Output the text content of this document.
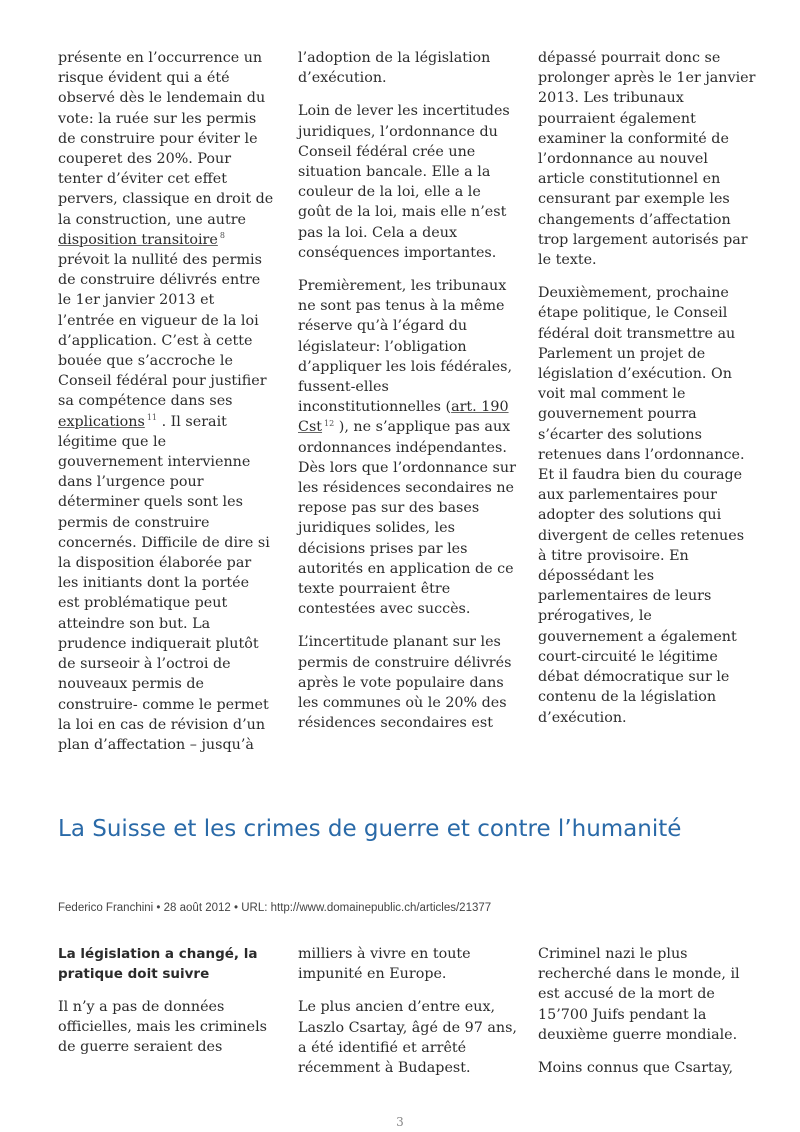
présente en l’occurrence un risque évident qui a été observé dès le lendemain du vote: la ruée sur les permis de construire pour éviter le couperet des 20%. Pour tenter d’éviter cet effet pervers, classique en droit de la construction, une autre disposition transitoire $^8$ prévoit la nullité des permis de construire délivrés entre le 1er janvier 2013 et l’entrée en vigueur de la loi d’application. C’est à cette bouée que s’accroche le Conseil fédéral pour justifier sa compétence dans ses explications $^{11}$ . Il serait légitime que le gouvernement intervienne dans l’urgence pour déterminer quels sont les permis de construire concernés. Difficile de dire si la disposition élaborée par les initiants dont la portée est problématique peut atteindre son but. La prudence indiquerait plutôt de surseoir à l’octroi de nouveaux permis de construire- comme le permet la loi en cas de révision d’un plan d’affectation – jusqu’à

l’adoption de la législation d’exécution.

Loin de lever les incertitudes juridiques, l’ordonnance du Conseil fédéral crée une situation bancale. Elle a la couleur de la loi, elle a le goût de la loi, mais elle n’est pas la loi. Cela a deux conséquences importantes.

Premièrement, les tribunaux ne sont pas tenus à la même réserve qu’à l’égard du législateur: l’obligation d’appliquer les lois fédérales, fussent-elles inconstitutionnelles (art. 190 Cst $^{12}$ ), ne s’applique pas aux ordonnances indépendantes. Dès lors que l’ordonnance sur les résidences secondaires ne repose pas sur des bases juridiques solides, les décisions prises par les autorités en application de ce texte pourraient être contestées avec succès.

L’incertitude planant sur les permis de construire délivrés après le vote populaire dans les communes où le 20% des résidences secondaires est

dépassé pourrait donc se prolonger après le 1er janvier 2013. Les tribunaux pourraient également examiner la conformité de l’ordonnance au nouvel article constitutionnel en censurant par exemple les changements d’affectation trop largement autorisés par le texte.

Deuxièmement, prochaine étape politique, le Conseil fédéral doit transmettre au Parlement un projet de législation d’exécution. On voit mal comment le gouvernement pourra s’écarter des solutions retenues dans l’ordonnance. Et il faudra bien du courage aux parlementaires pour adopter des solutions qui divergent de celles retenues à titre provisoire. En dépossédant les parlementaires de leurs prérogatives, le gouvernement a également court-circuité le légitime débat démocratique sur le contenu de la législation d’exécution.

La Suisse et les crimes de guerre et contre l’humanité
Federico Franchini • 28 août 2012 • URL: http://www.domainepublic.ch/articles/21377

La législation a changé, la pratique doit suivre

Il n’y a pas de données officielles, mais les criminels de guerre seraient des

milliers à vivre en toute impunité en Europe.

Le plus ancien d’entre eux, Laszlo Csartay, âgé de 97 ans, a été identifié et arrêté récemment à Budapest.

Criminel nazi le plus recherché dans le monde, il est accusé de la mort de 15’700 Juifs pendant la deuxième guerre mondiale.

Moins connus que Csartay,

3
